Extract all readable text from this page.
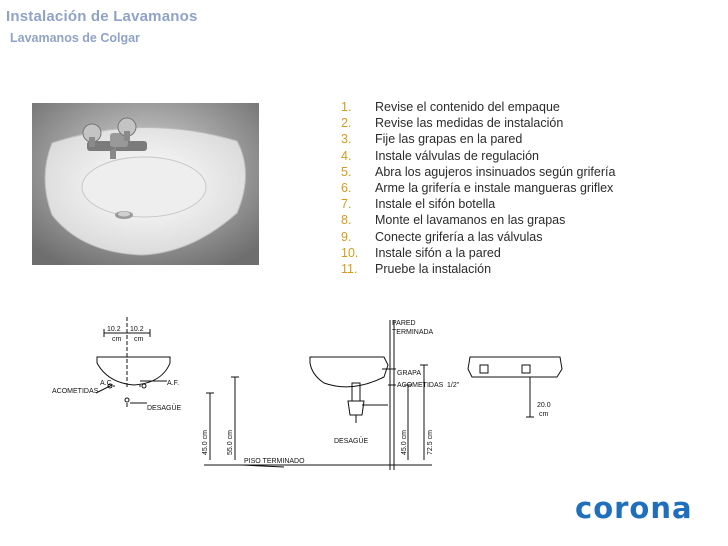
Instalación de Lavamanos
Lavamanos de Colgar
1. Revise el contenido del empaque
2. Revise las medidas de instalación
3. Fije las grapas en la pared
4. Instale válvulas de regulación
5. Abra los agujeros insinuados según grifería
6. Arme la grifería e instale mangueras griflex
7. Instale el sifón botella
8. Monte el lavamanos en las grapas
9. Conecte grifería a las válvulas
10. Instale sifón a la pared
11. Pruebe la instalación
10.2 10.2
cm cm
A.C.	A.F.
ACOMETIDAS
DESAGÜE
45.0 cm	55.0 cm
PISO TERMINADO
PARED
TERMINADA
GRAPA
ACOMETIDAS 1/2"
DESAGÜE	45.0 cm	72.5 cm
20.0
cm
corona
